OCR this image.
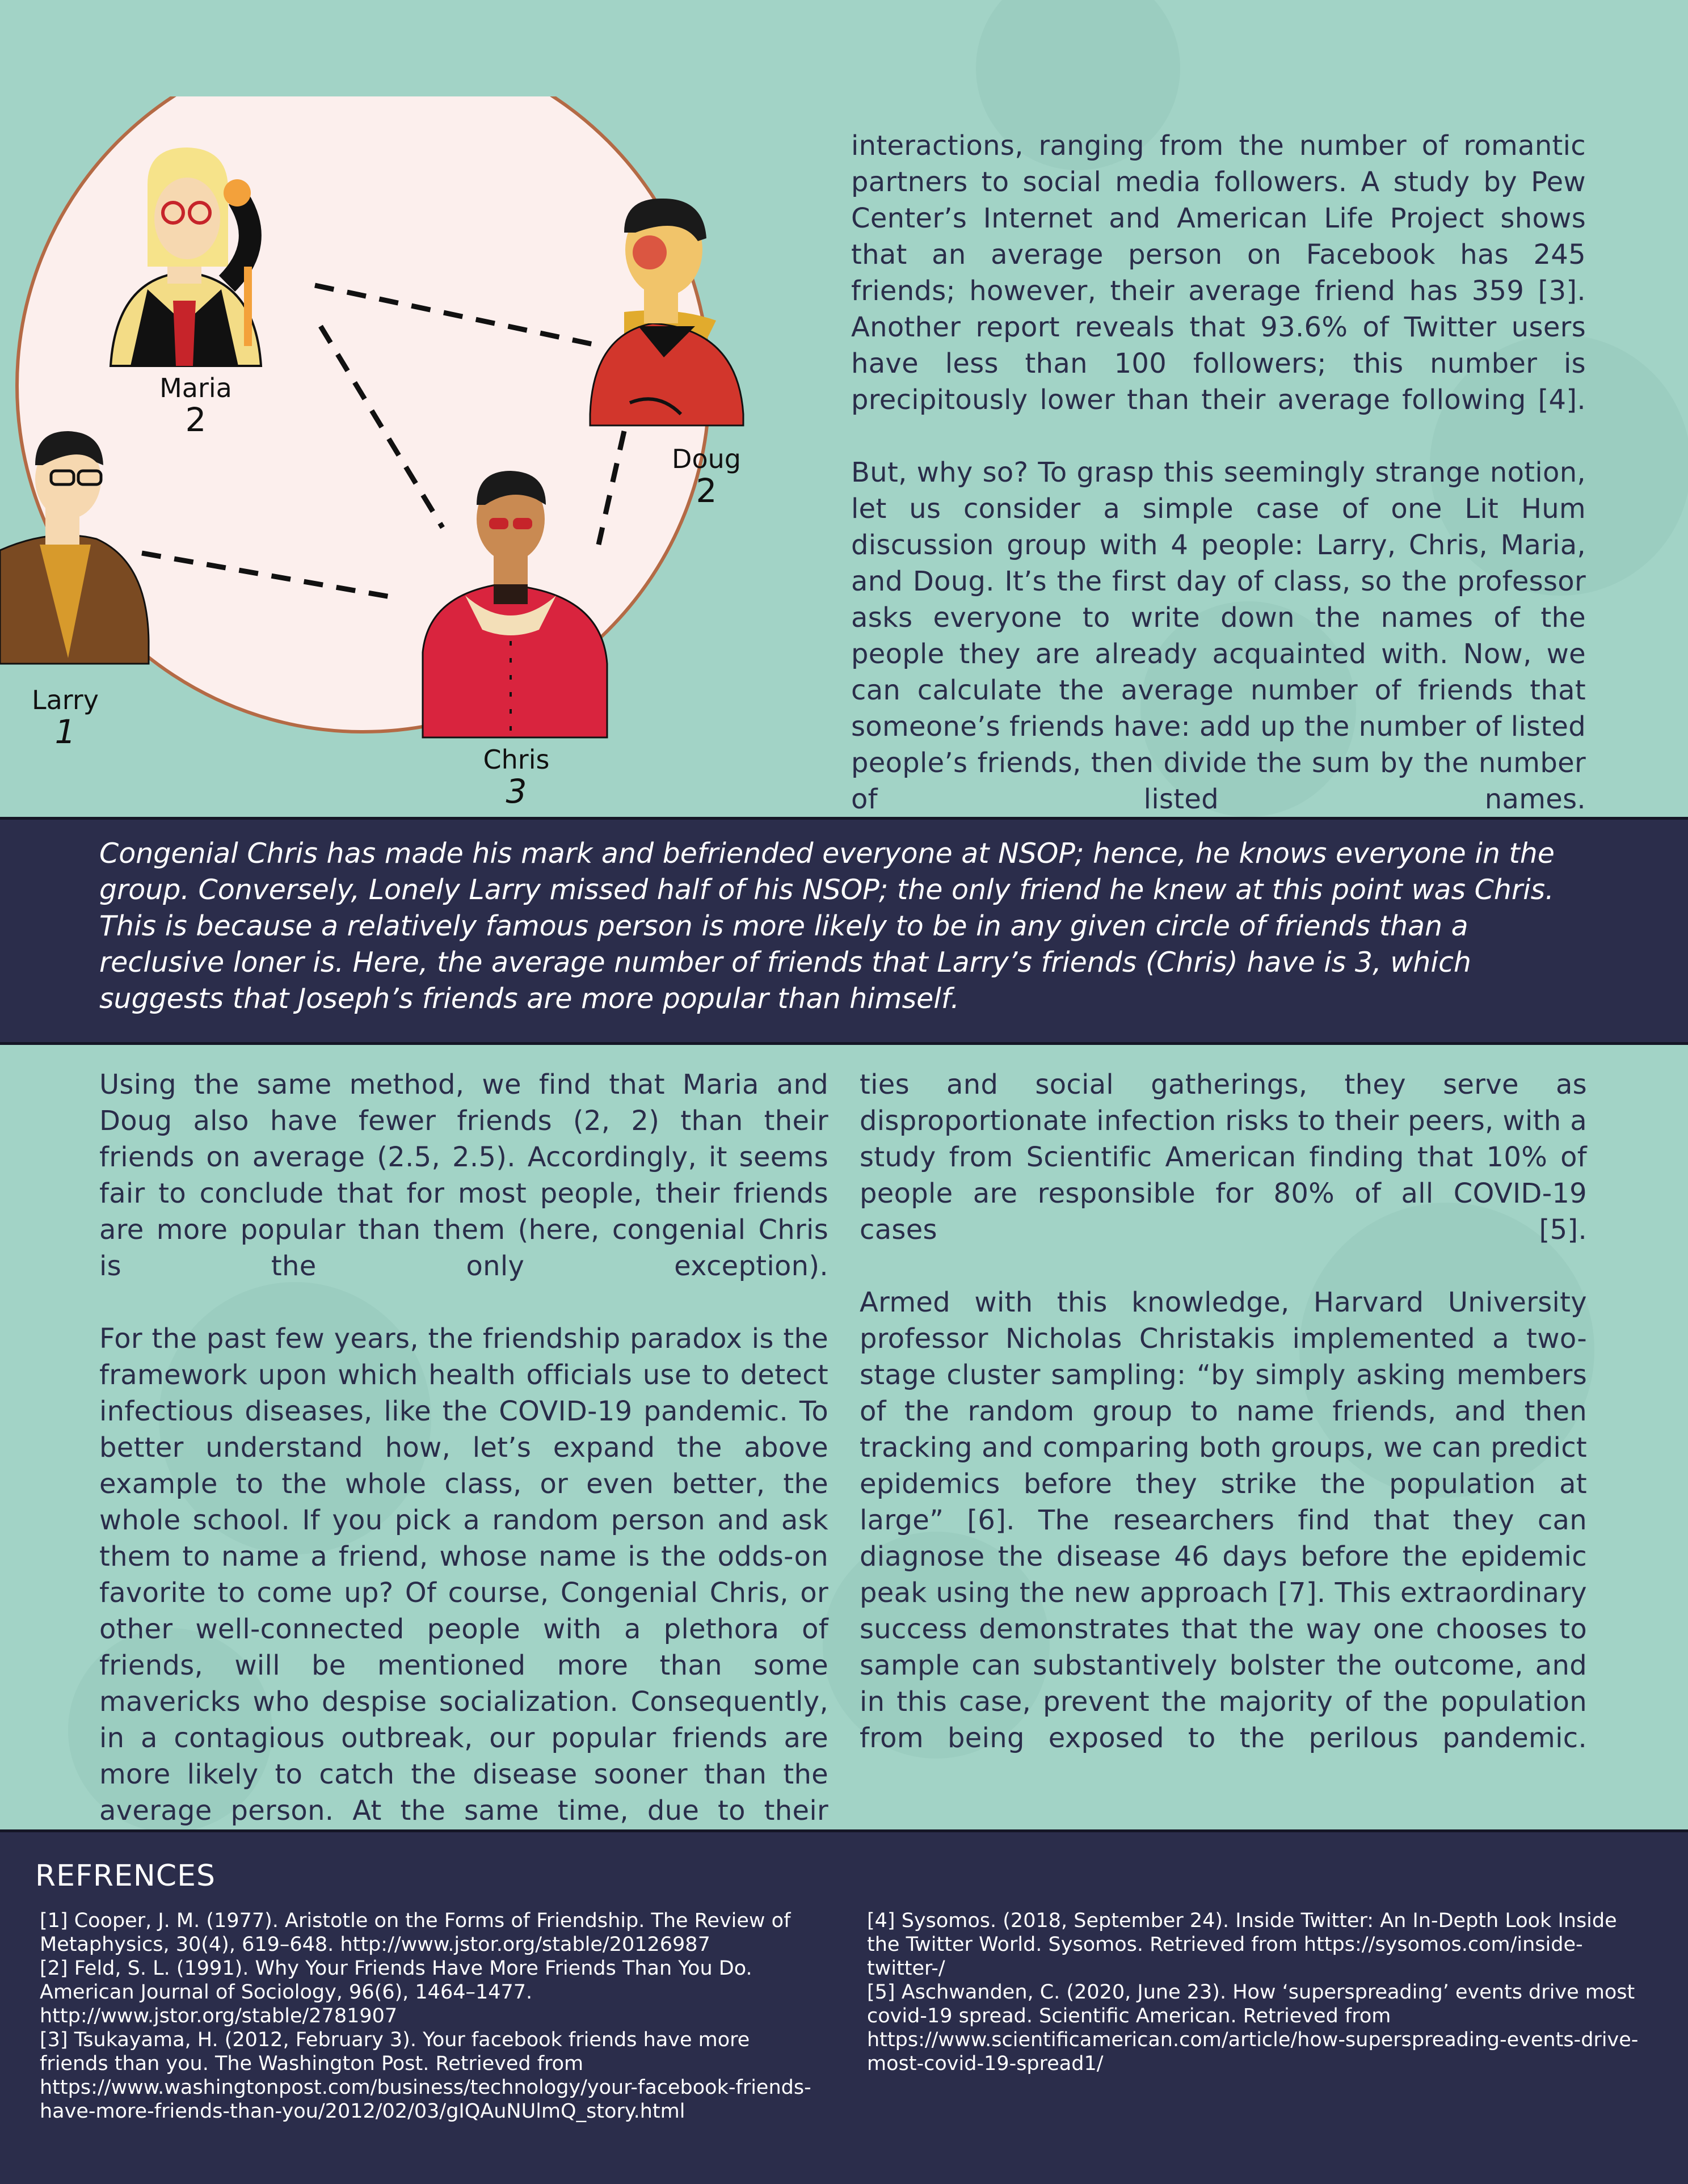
Maria
2
Doug
2
Larry
1
Chris
3

interactions, ranging from the number of romantic partners to social media followers. A study by Pew Center’s Internet and American Life Project shows that an average person on Facebook has 245 friends; however, their average friend has 359 [3]. Another report reveals that 93.6% of Twitter users have less than 100 followers; this number is precipitously lower than their average following [4].

But, why so? To grasp this seemingly strange notion, let us consider a simple case of one Lit Hum discussion group with 4 people: Larry, Chris, Maria, and Doug. It’s the first day of class, so the professor asks everyone to write down the names of the people they are already acquainted with. Now, we can calculate the average number of friends that someone’s friends have: add up the number of listed people’s friends, then divide the sum by the number of listed names.

Congenial Chris has made his mark and befriended everyone at NSOP; hence, he knows everyone in the group. Conversely, Lonely Larry missed half of his NSOP; the only friend he knew at this point was Chris. This is because a relatively famous person is more likely to be in any given circle of friends than a reclusive loner is. Here, the average number of friends that Larry’s friends (Chris) have is 3, which suggests that Joseph’s friends are more popular than himself.

Using the same method, we find that Maria and Doug also have fewer friends (2, 2) than their friends on average (2.5, 2.5). Accordingly, it seems fair to conclude that for most people, their friends are more popular than them (here, congenial Chris is the only exception).

For the past few years, the friendship paradox is the framework upon which health officials use to detect infectious diseases, like the COVID-19 pandemic. To better understand how, let’s expand the above example to the whole class, or even better, the whole school. If you pick a random person and ask them to name a friend, whose name is the odds-on favorite to come up? Of course, Congenial Chris, or other well-connected people with a plethora of friends, will be mentioned more than some mavericks who despise socialization. Consequently, in a contagious outbreak, our popular friends are more likely to catch the disease sooner than the average person. At the same time, due to their

ties and social gatherings, they serve as disproportionate infection risks to their peers, with a study from Scientific American finding that 10% of people are responsible for 80% of all COVID-19 cases [5].

Armed with this knowledge, Harvard University professor Nicholas Christakis implemented a two-stage cluster sampling: “by simply asking members of the random group to name friends, and then tracking and comparing both groups, we can predict epidemics before they strike the population at large” [6]. The researchers find that they can diagnose the disease 46 days before the epidemic peak using the new approach [7]. This extraordinary success demonstrates that the way one chooses to sample can substantively bolster the outcome, and in this case, prevent the majority of the population from being exposed to the perilous pandemic.

REFRENCES
[1] Cooper, J. M. (1977). Aristotle on the Forms of Friendship. The Review of Metaphysics, 30(4), 619–648. http://www.jstor.org/stable/20126987
[2] Feld, S. L. (1991). Why Your Friends Have More Friends Than You Do. American Journal of Sociology, 96(6), 1464–1477. http://www.jstor.org/stable/2781907
[3] Tsukayama, H. (2012, February 3). Your facebook friends have more friends than you. The Washington Post. Retrieved from https://www.washingtonpost.com/business/technology/your-facebook-friends-have-more-friends-than-you/2012/02/03/gIQAuNUlmQ_story.html
[4] Sysomos. (2018, September 24). Inside Twitter: An In-Depth Look Inside the Twitter World. Sysomos. Retrieved from https://sysomos.com/inside-twitter-/
[5] Aschwanden, C. (2020, June 23). How ‘superspreading’ events drive most covid-19 spread. Scientific American. Retrieved from https://www.scientificamerican.com/article/how-superspreading-events-drive-most-covid-19-spread1/
